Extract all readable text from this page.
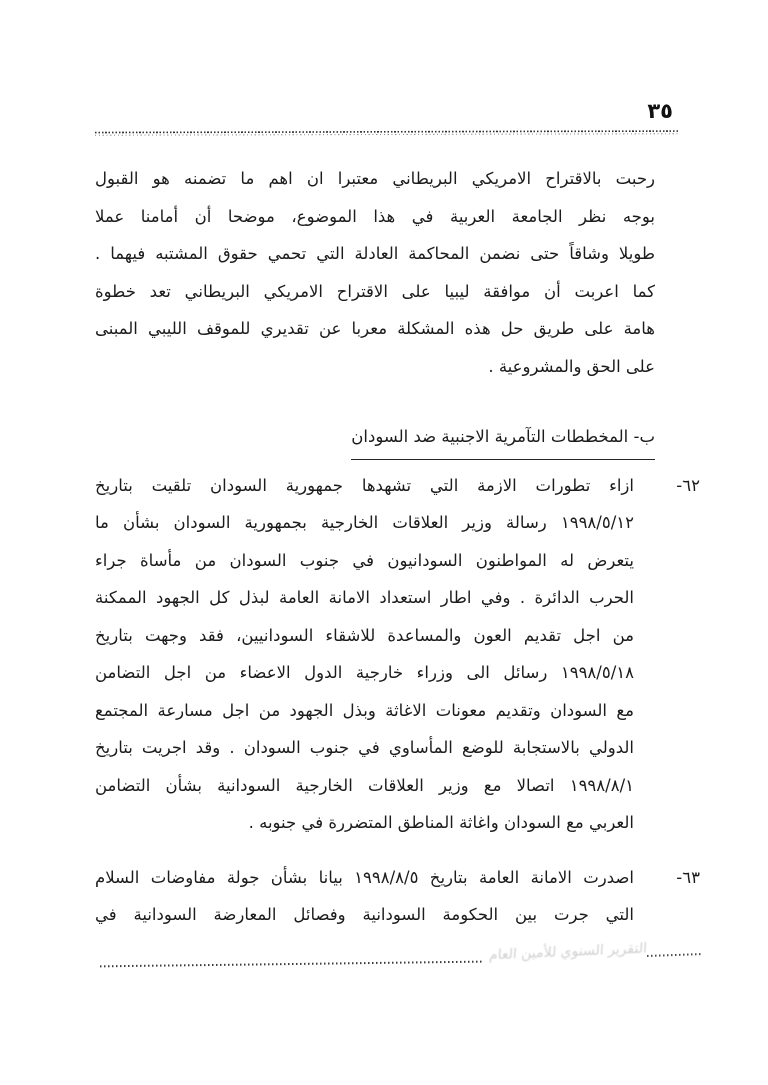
٣٥
رحبت بالاقتراح الامريكي البريطاني معتبرا ان اهم ما تضمنه هو القبول
بوجه نظر الجامعة العربية في هذا الموضوع، موضحا أن أمامنا عملا
طويلا وشاقاً حتى نضمن المحاكمة العادلة التي تحمي حقوق المشتبه فيهما .
كما اعربت أن موافقة ليبيا على الاقتراح الامريكي البريطاني تعد خطوة
هامة على طريق حل هذه المشكلة معربا عن تقديري للموقف الليبي المبنى
على الحق والمشروعية .
ب- المخططات التآمرية الاجنبية ضد السودان
٦٢-
ازاء تطورات الازمة التي تشهدها جمهورية السودان تلقيت بتاريخ
١٩٩٨/٥/١٢ رسالة وزير العلاقات الخارجية بجمهورية السودان بشأن ما
يتعرض له المواطنون السودانيون في جنوب السودان من مأساة جراء
الحرب الدائرة . وفي اطار استعداد الامانة العامة لبذل كل الجهود الممكنة
من اجل تقديم العون والمساعدة للاشقاء السودانيين، فقد وجهت بتاريخ
١٩٩٨/٥/١٨ رسائل الى وزراء خارجية الدول الاعضاء من اجل التضامن
مع السودان وتقديم معونات الاغاثة وبذل الجهود من اجل مسارعة المجتمع
الدولي بالاستجابة للوضع المأساوي في جنوب السودان . وقد اجريت بتاريخ
١٩٩٨/٨/١ اتصالا مع وزير العلاقات الخارجية السودانية بشأن التضامن
العربي مع السودان واغاثة المناطق المتضررة في جنوبه .
٦٣-
اصدرت الامانة العامة بتاريخ ١٩٩٨/٨/٥ بيانا بشأن جولة مفاوضات السلام
التي جرت بين الحكومة السودانية وفصائل المعارضة السودانية في
التقرير السنوي للأمين العام
